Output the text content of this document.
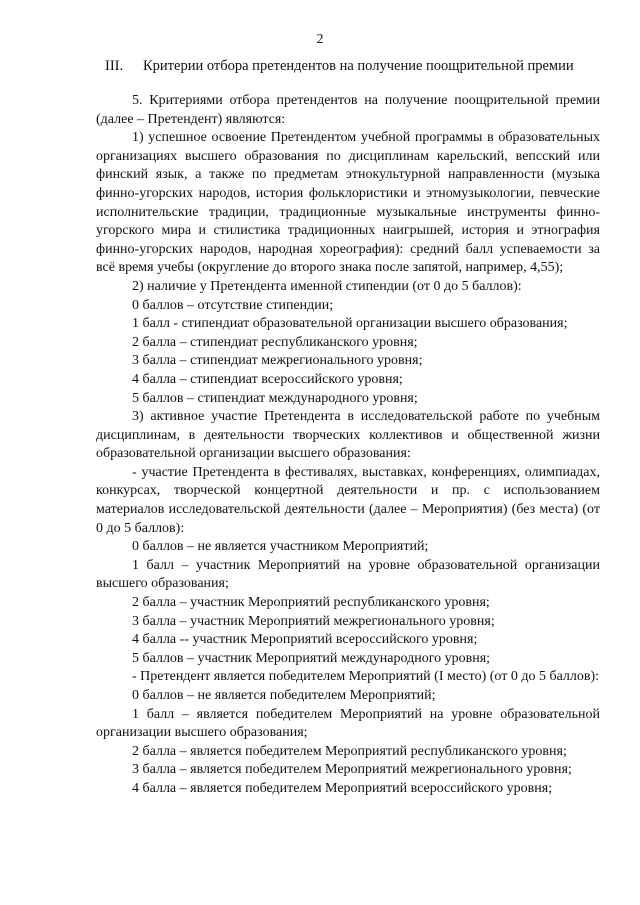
2
III. Критерии отбора претендентов на получение поощрительной премии
5. Критериями отбора претендентов на получение поощрительной премии (далее – Претендент) являются:
1) успешное освоение Претендентом учебной программы в образовательных организациях высшего образования по дисциплинам карельский, вепсский или финский язык, а также по предметам этнокультурной направленности (музыка финно-угорских народов, история фольклористики и этномузыкологии, певческие исполнительские традиции, традиционные музыкальные инструменты финно-угорского мира и стилистика традиционных наигрышей, история и этнография финно-угорских народов, народная хореография): средний балл успеваемости за всё время учебы (округление до второго знака после запятой, например, 4,55);
2) наличие у Претендента именной стипендии (от 0 до 5 баллов):
0 баллов – отсутствие стипендии;
1 балл - стипендиат образовательной организации высшего образования;
2 балла – стипендиат республиканского уровня;
3 балла – стипендиат межрегионального уровня;
4 балла – стипендиат всероссийского уровня;
5 баллов – стипендиат международного уровня;
3) активное участие Претендента в исследовательской работе по учебным дисциплинам, в деятельности творческих коллективов и общественной жизни образовательной организации высшего образования:
- участие Претендента в фестивалях, выставках, конференциях, олимпиадах, конкурсах, творческой концертной деятельности и пр. с использованием материалов исследовательской деятельности (далее – Мероприятия) (без места) (от 0 до 5 баллов):
0 баллов – не является участником Мероприятий;
1 балл – участник Мероприятий на уровне образовательной организации высшего образования;
2 балла – участник Мероприятий республиканского уровня;
3 балла – участник Мероприятий межрегионального уровня;
4 балла -- участник Мероприятий всероссийского уровня;
5 баллов – участник Мероприятий международного уровня;
- Претендент является победителем Мероприятий (I место) (от 0 до 5 баллов):
0 баллов – не является победителем Мероприятий;
1 балл – является победителем Мероприятий на уровне образовательной организации высшего образования;
2 балла – является победителем Мероприятий республиканского уровня;
3 балла – является победителем Мероприятий межрегионального уровня;
4 балла – является победителем Мероприятий всероссийского уровня;
